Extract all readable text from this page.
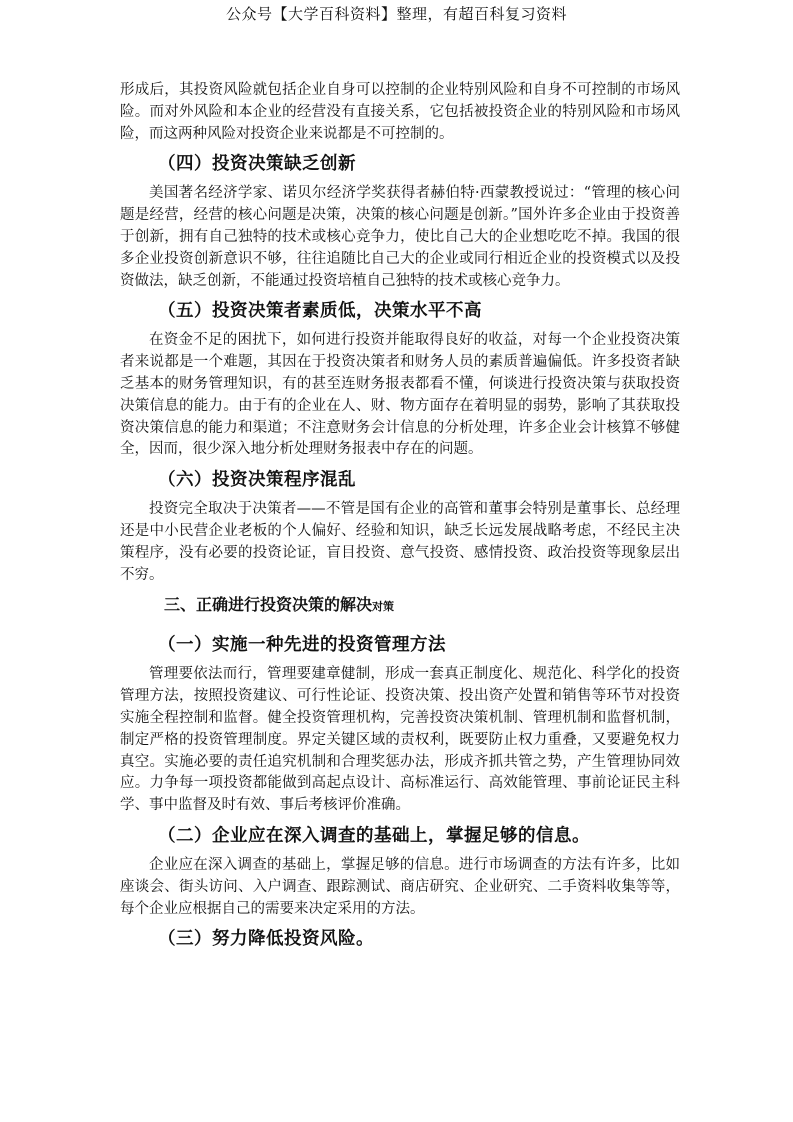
公众号【大学百科资料】整理，有超百科复习资料

形成后，其投资风险就包括企业自身可以控制的企业特别风险和自身不可控制的市场风险。而对外风险和本企业的经营没有直接关系，它包括被投资企业的特别风险和市场风险，而这两种风险对投资企业来说都是不可控制的。

（四）投资决策缺乏创新

美国著名经济学家、诺贝尔经济学奖获得者赫伯特·西蒙教授说过：“管理的核心问题是经营，经营的核心问题是决策，决策的核心问题是创新。”国外许多企业由于投资善于创新，拥有自己独特的技术或核心竞争力，使比自己大的企业想吃吃不掉。我国的很多企业投资创新意识不够，往往追随比自己大的企业或同行相近企业的投资模式以及投资做法，缺乏创新，不能通过投资培植自己独特的技术或核心竞争力。

（五）投资决策者素质低，决策水平不高

在资金不足的困扰下，如何进行投资并能取得良好的收益，对每一个企业投资决策者来说都是一个难题，其因在于投资决策者和财务人员的素质普遍偏低。许多投资者缺乏基本的财务管理知识，有的甚至连财务报表都看不懂，何谈进行投资决策与获取投资决策信息的能力。由于有的企业在人、财、物方面存在着明显的弱势，影响了其获取投资决策信息的能力和渠道；不注意财务会计信息的分析处理，许多企业会计核算不够健全，因而，很少深入地分析处理财务报表中存在的问题。

（六）投资决策程序混乱

投资完全取决于决策者——不管是国有企业的高管和董事会特别是董事长、总经理还是中小民营企业老板的个人偏好、经验和知识，缺乏长远发展战略考虑，不经民主决策程序，没有必要的投资论证，盲目投资、意气投资、感情投资、政治投资等现象层出不穷。

三、正确进行投资决策的解决对策
（一）实施一种先进的投资管理方法

管理要依法而行，管理要建章健制，形成一套真正制度化、规范化、科学化的投资管理方法，按照投资建议、可行性论证、投资决策、投出资产处置和销售等环节对投资实施全程控制和监督。健全投资管理机构，完善投资决策机制、管理机制和监督机制，制定严格的投资管理制度。界定关键区域的责权利，既要防止权力重叠，又要避免权力真空。实施必要的责任追究机制和合理奖惩办法，形成齐抓共管之势，产生管理协同效应。力争每一项投资都能做到高起点设计、高标准运行、高效能管理、事前论证民主科学、事中监督及时有效、事后考核评价准确。

（二）企业应在深入调查的基础上，掌握足够的信息。

企业应在深入调查的基础上，掌握足够的信息。进行市场调查的方法有许多，比如座谈会、街头访问、入户调查、跟踪测试、商店研究、企业研究、二手资料收集等等，每个企业应根据自己的需要来决定采用的方法。

（三）努力降低投资风险。
